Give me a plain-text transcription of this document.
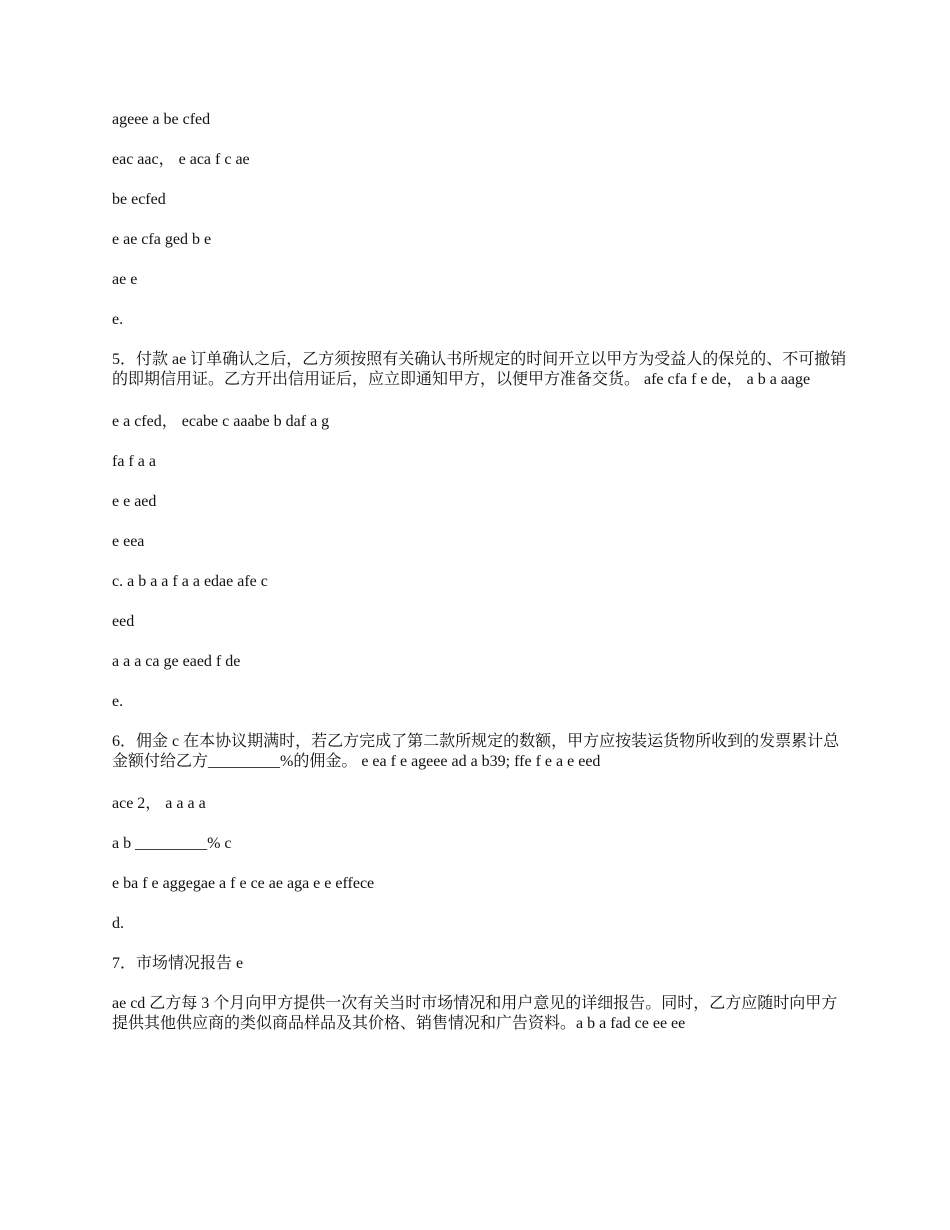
ageee a be cfed

eac aac， e aca f c ae

be ecfed

e ae cfa ged b e

ae e

e.

5．付款 ae 订单确认之后，乙方须按照有关确认书所规定的时间开立以甲方为受益人的保兑的、不可撤销的即期信用证。乙方开出信用证后，应立即通知甲方，以便甲方准备交货。 afe cfa f e de， a b a aage

e a cfed， ecabe c aaabe b daf a g

fa f a a

e e aed

e eea

c. a b a a f a a edae afe c

eed

a a a ca ge eaed f de

e.

6．佣金 c 在本协议期满时，若乙方完成了第二款所规定的数额，甲方应按装运货物所收到的发票累计总金额付给乙方_________%的佣金。 e ea f e ageee ad a b39; ffe f e a e eed

ace 2， a a a a

a b _________% c

e ba f e aggegae a f e ce ae aga e e effece

d.

7．市场情况报告 e

ae cd 乙方每 3 个月向甲方提供一次有关当时市场情况和用户意见的详细报告。同时，乙方应随时向甲方提供其他供应商的类似商品样品及其价格、销售情况和广告资料。a b a fad ce ee ee
